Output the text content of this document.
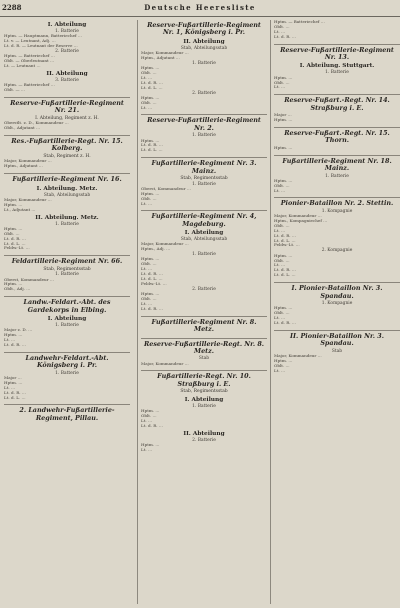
2288	Deutsche Heeresliste
I. Abteilung
1. Batterie
Hptm. — Hauptmann, Batteriechef …
Lt. v. — Leutnant, Adj. …
Lt. d. R. — Leutnant der Reserve …
2. Batterie
Hptm. — Batteriechef …
Oblt. — Oberleutnant …
Lt. — Leutnant …
II. Abteilung
3. Batterie
Hptm. — Batteriechef …
Oblt. — …
Reserve-Fußartillerie-Regiment Nr. 21.
I. Abteilung, Regiment z. H.
Oberstlt. z. D., Kommandeur …
Oblt., Adjutant …
Res.-Fußartillerie-Regt. Nr. 15. Kolberg.
Stab, Regiment z. H.
Major, Kommandeur …
Hptm., Adjutant …
Fußartillerie-Regiment Nr. 16.
I. Abteilung. Metz.
Stab, Abteilungsstab
Major, Kommandeur …
Hptm. …
Lt., Adjutant …
II. Abteilung. Metz.
1. Batterie
Hptm. …
Oblt. …
Lt. d. R. …
Lt. d. L. …
Feldw.-Lt. …
Feldartillerie-Regiment Nr. 66.
Stab, Regimentsstab
1. Batterie
Oberst, Kommandeur …
Hptm. …
Oblt., Adj. …
Landw.-Feldart.-Abt. des Gardekorps in Elbing.
I. Abteilung
1. Batterie
Major z. D. …
Hptm. …
Lt. …
Lt. d. R. …
Landwehr-Feldart.-Abt. Königsberg i. Pr.
1. Batterie
Major …
Hptm. …
Lt. …
Lt. d. R. …
Lt. d. L. …
2. Landwehr-Fußartillerie-Regiment, Pillau.
Reserve-Fußartillerie-Regiment Nr. 1, Königsberg i. Pr.
II. Abteilung
Stab, Abteilungsstab
Major, Kommandeur …
Hptm., Adjutant …
1. Batterie
Hptm. …
Oblt. …
Lt. …
Lt. d. R. …
Lt. d. L. …
2. Batterie
Hptm. …
Oblt. …
Lt. …
Reserve-Fußartillerie-Regiment Nr. 2.
1. Batterie
Hptm. …
Lt. d. R. …
Lt. d. L. …
Fußartillerie-Regiment Nr. 3. Mainz.
Stab, Regimentsstab
1. Batterie
Oberst, Kommandeur …
Hptm. …
Oblt. …
Lt. …
Fußartillerie-Regiment Nr. 4, Magdeburg.
I. Abteilung
Stab, Abteilungsstab
Major, Kommandeur …
Hptm., Adj. …
1. Batterie
Hptm. …
Oblt. …
Lt. …
Lt. d. R. …
Lt. d. L. …
Feldw.-Lt. …
2. Batterie
Hptm. …
Oblt. …
Lt. …
Lt. d. R. …
Fußartillerie-Regiment Nr. 8. Metz.
Reserve-Fußartillerie-Regt. Nr. 8. Metz.
Stab
Major, Kommandeur …
Fußartillerie-Regt. Nr. 10. Straßburg i. E.
Stab, Regimentsstab
I. Abteilung
1. Batterie
Hptm. …
Oblt. …
Lt. …
Lt. d. R. …
II. Abteilung
2. Batterie
Hptm. …
Lt. …
Hptm. — Batteriechef …
Oblt. …
Lt. …
Lt. d. R. …
Reserve-Fußartillerie-Regiment Nr. 13.
I. Abteilung. Stuttgart.
1. Batterie
Hptm. …
Oblt. …
Lt. …
Reserve-Fußart.-Regt. Nr. 14. Straßburg i. E.
Major …
Hptm. …
Reserve-Fußart.-Regt. Nr. 15. Thorn.
Hptm. …
Fußartillerie-Regiment Nr. 18. Mainz.
1. Batterie
Hptm. …
Oblt. …
Lt. …
Pionier-Bataillon Nr. 2. Stettin.
1. Kompagnie
Major, Kommandeur …
Hptm., Kompagniechef …
Oblt. …
Lt. …
Lt. d. R. …
Lt. d. L. …
Feldw.-Lt. …
2. Kompagnie
Hptm. …
Oblt. …
Lt. …
Lt. d. R. …
Lt. d. L. …
I. Pionier-Bataillon Nr. 3. Spandau.
1. Kompagnie
Hptm. …
Oblt. …
Lt. …
Lt. d. R. …
II. Pionier-Bataillon Nr. 3. Spandau.
Stab
Major, Kommandeur …
Hptm. …
Oblt. …
Lt. …
